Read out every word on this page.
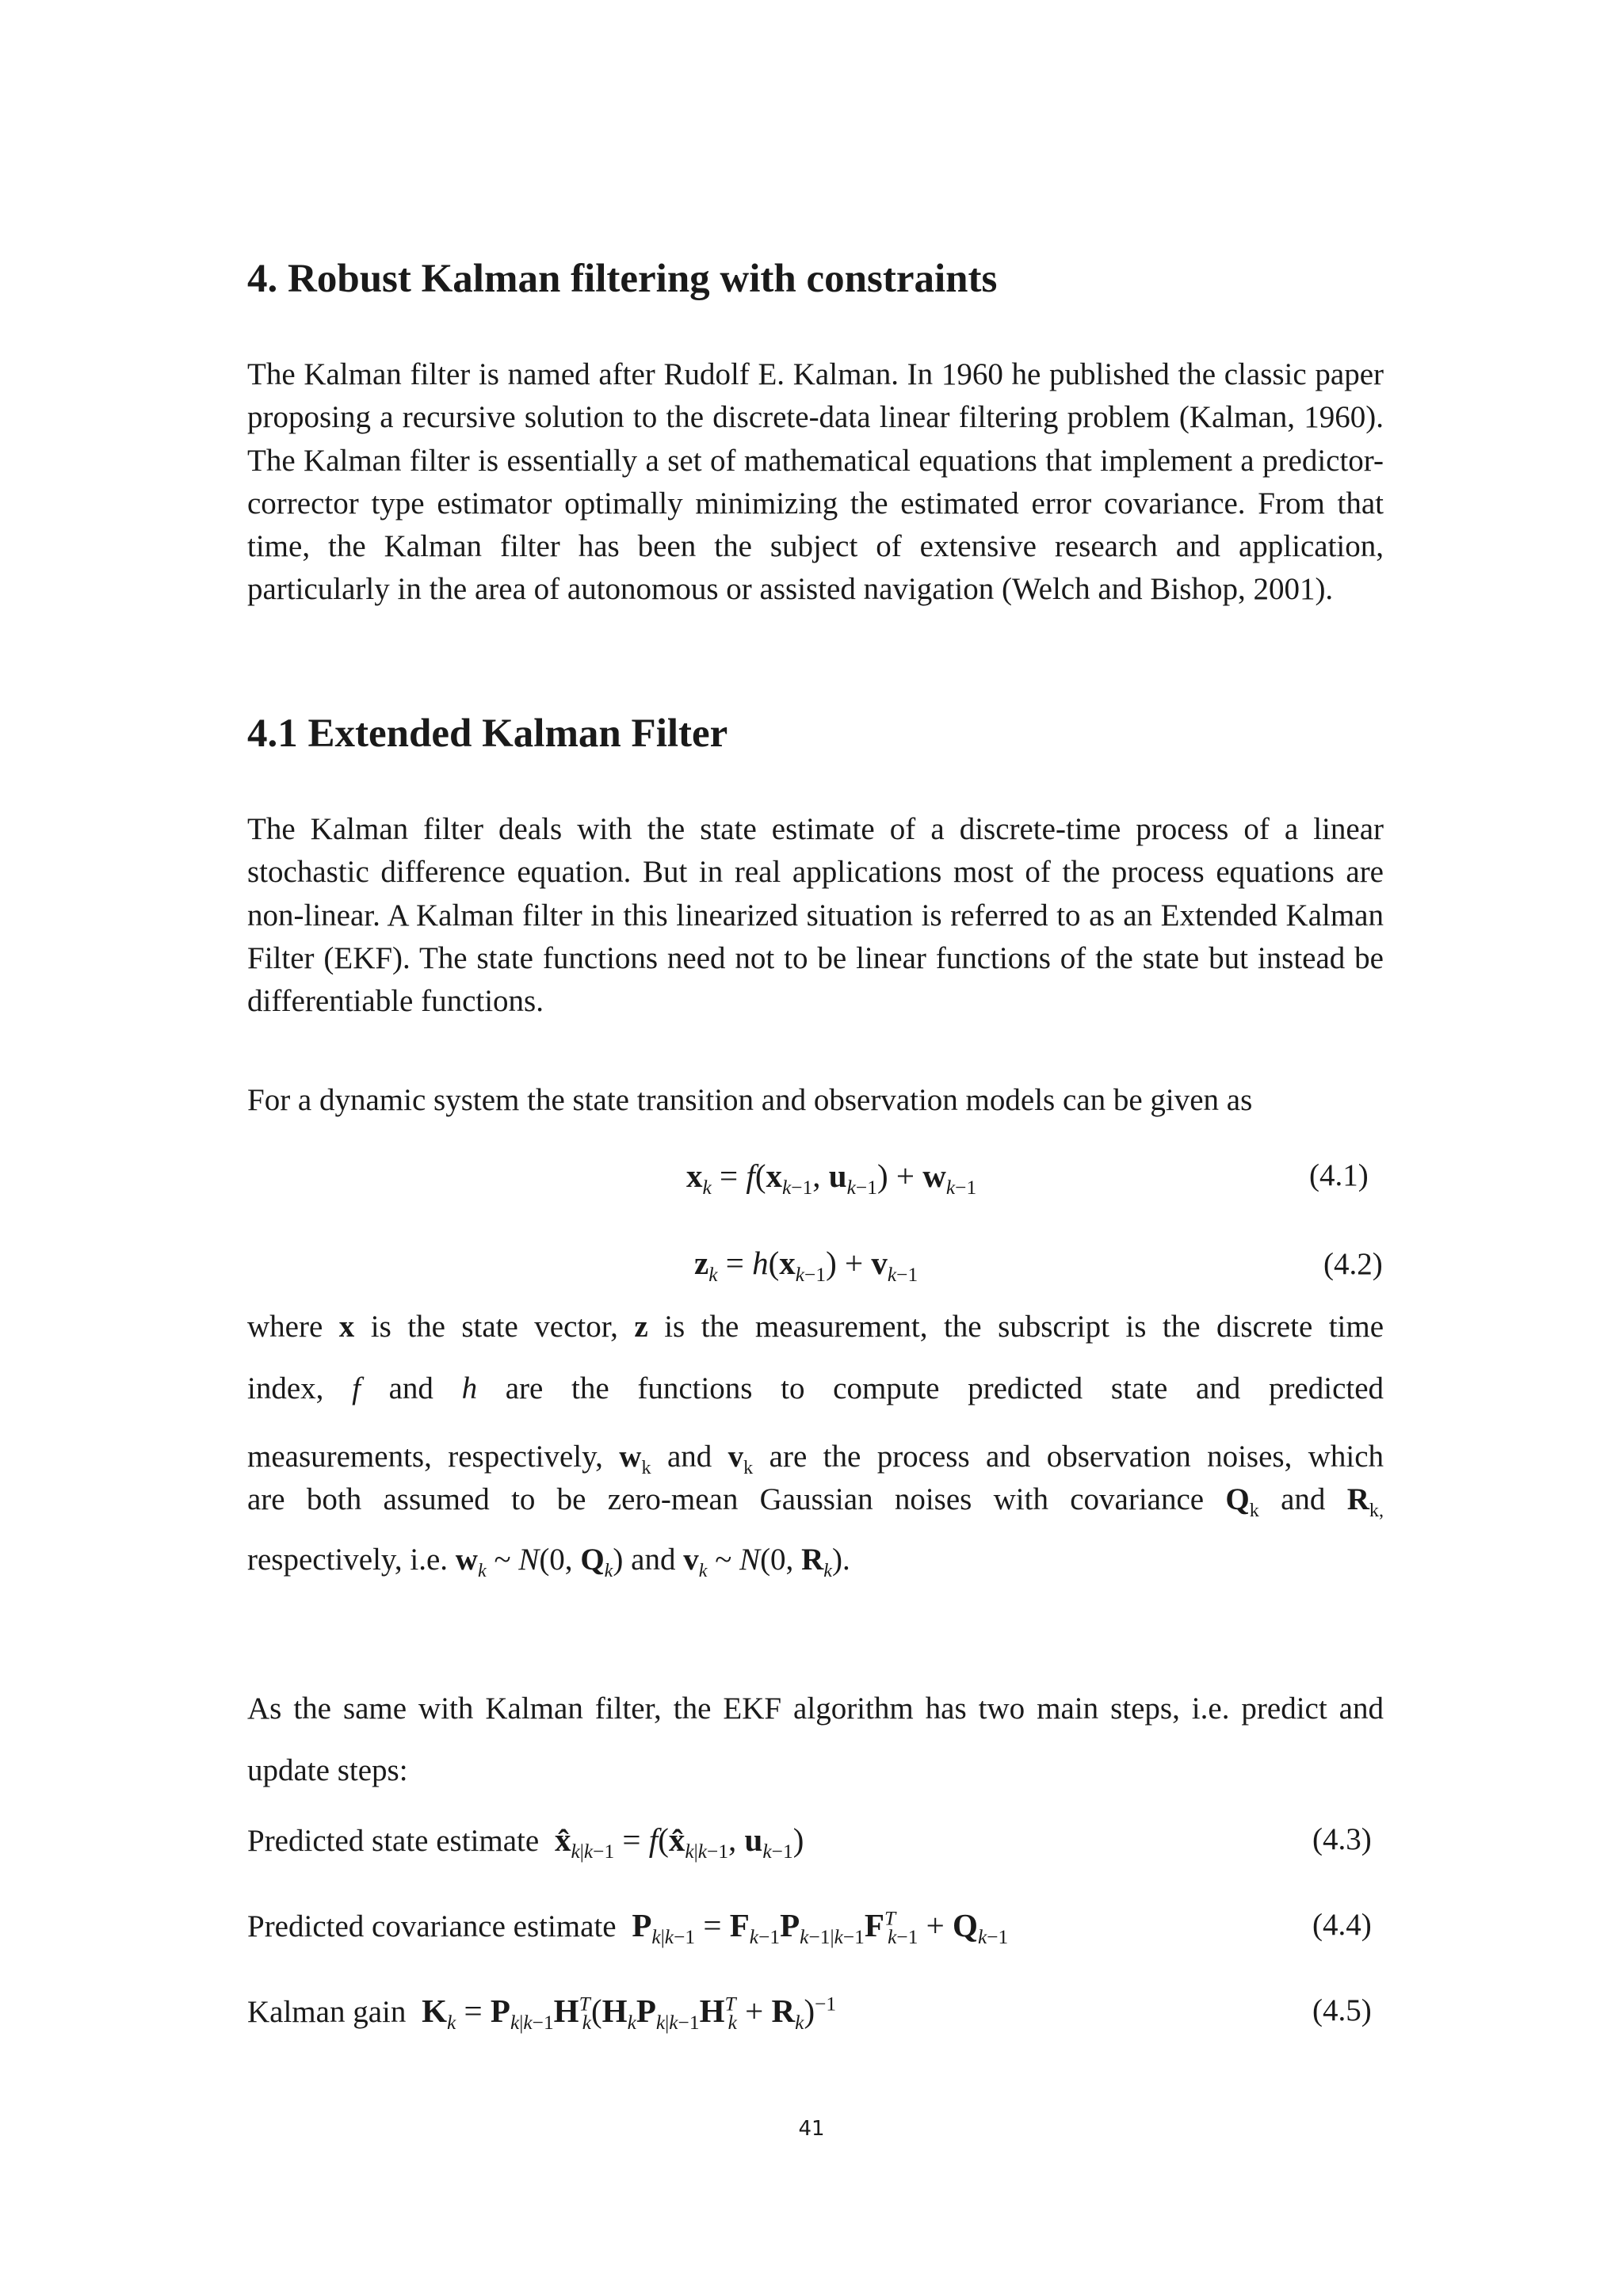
4. Robust Kalman filtering with constraints

The Kalman filter is named after Rudolf E. Kalman. In 1960 he published the classic paper proposing a recursive solution to the discrete-data linear filtering problem (Kalman, 1960). The Kalman filter is essentially a set of mathematical equations that implement a predictor-corrector type estimator optimally minimizing the estimated error covariance. From that time, the Kalman filter has been the subject of extensive research and application, particularly in the area of autonomous or assisted navigation (Welch and Bishop, 2001).

4.1 Extended Kalman Filter

The Kalman filter deals with the state estimate of a discrete-time process of a linear stochastic difference equation. But in real applications most of the process equations are non-linear. A Kalman filter in this linearized situation is referred to as an Extended Kalman Filter (EKF). The state functions need not to be linear functions of the state but instead be differentiable functions.

For a dynamic system the state transition and observation models can be given as

$x_k = f(x_{k-1}$, $u_{k-1}) + w_{k-1}$	(4.1)
$z_k = h(x_{k-1}) + v_{k-1}$	(4.2)
where x is the state vector, z is the measurement, the subscript is the discrete time
index, f and h are the functions to compute predicted state and predicted
measurements, respectively, $w_k$ and $v_k$ are the process and observation noises, which
are both assumed to be zero-mean Gaussian noises with covariance $Q_k$ and $R_{k,}$
respectively, i.e. $w_k$ ~ N(0, $Q_k$) and $v_k$ ~ N(0, $R_k$).

As the same with Kalman filter, the EKF algorithm has two main steps, i.e. predict and update steps:

Predicted state estimate $x̂_{k|k-1}$ = $f(x̂_{k|k-1}$, $u_{k-1}$)	(4.3)
Predicted covariance estimate $P_{k|k-1} = F_{k-1}P_{k-1|k-1}F^T_{k-1} + Q_{k-1}$	(4.4)
Kalman gain $K_k = P_{k|k-1}H^T_k(H_kP_{k|k-1}H^T_k + R_k)^{-1}$	(4.5)
41
